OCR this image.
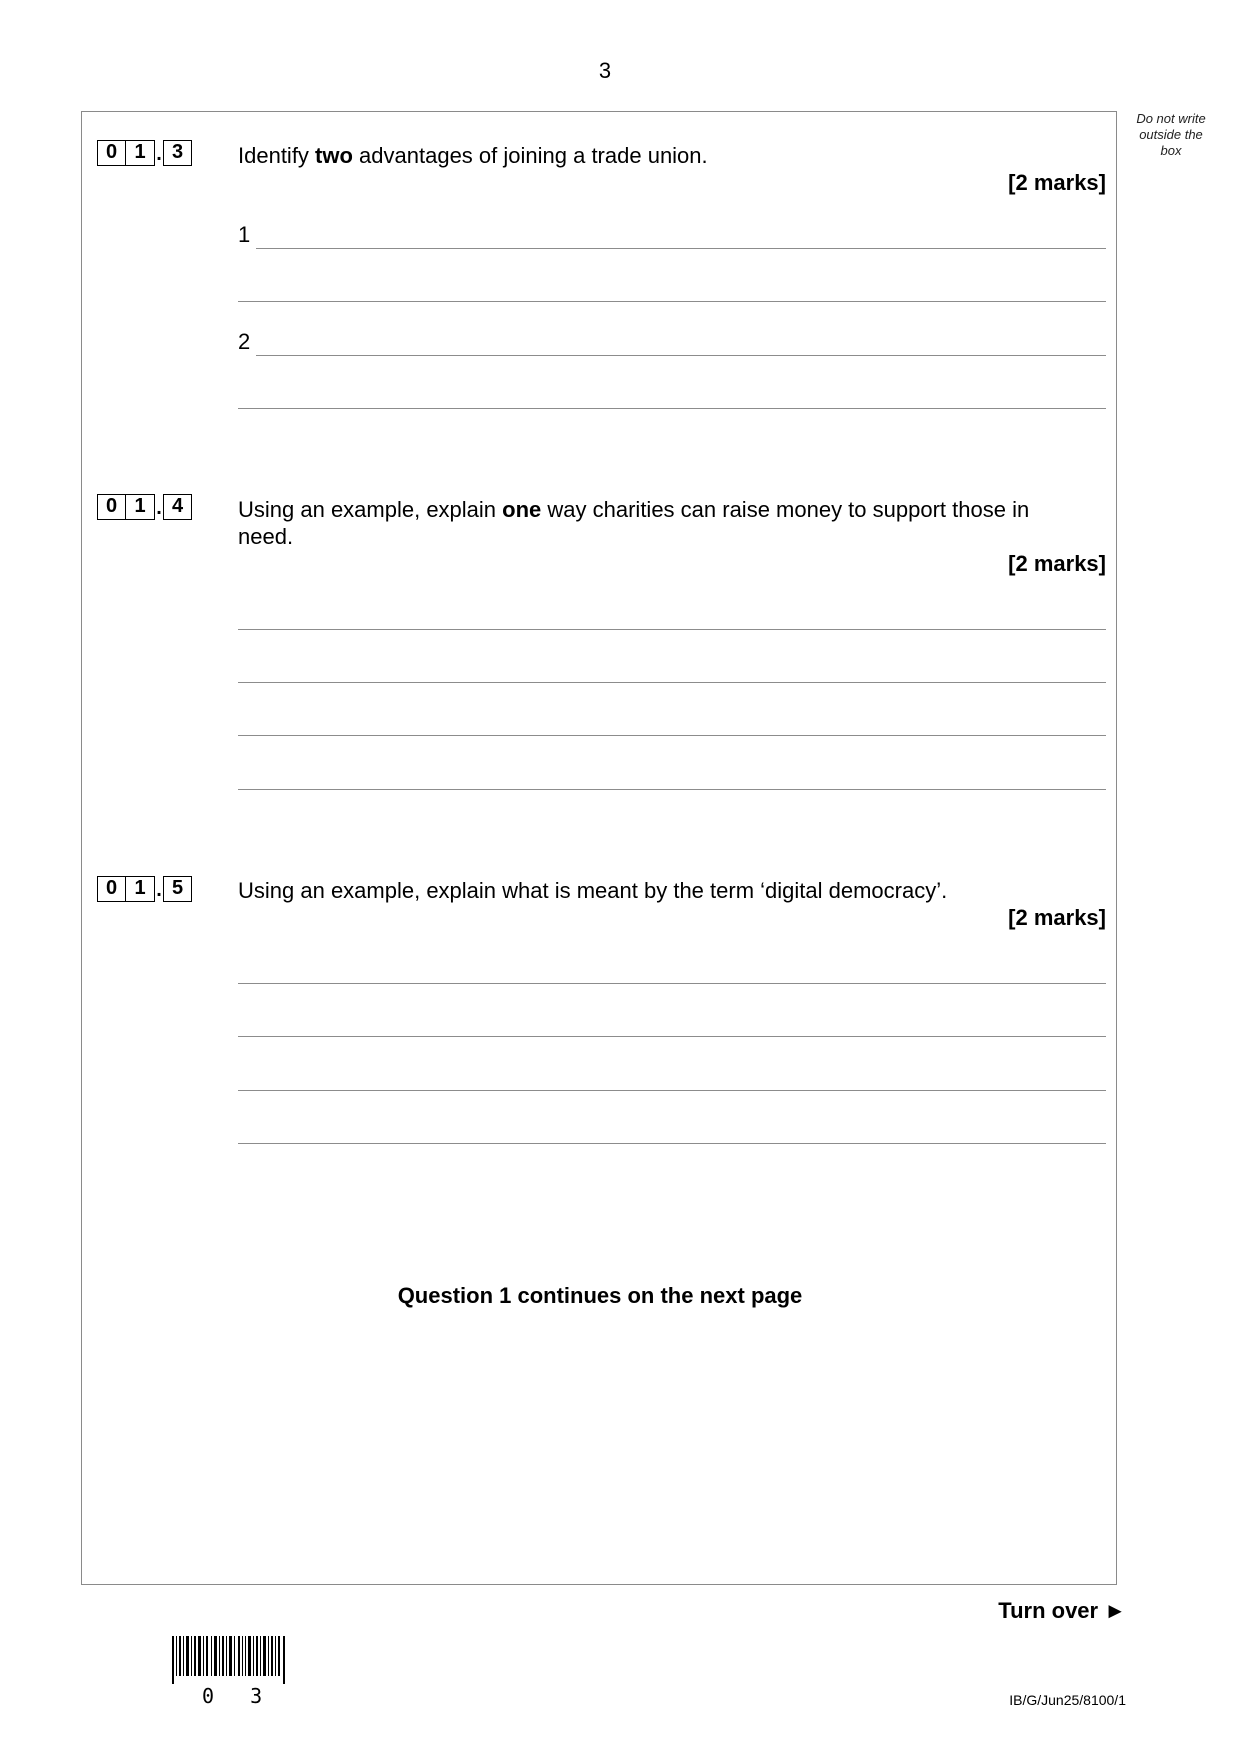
3
Do not write outside the box
0 1 . 3	Identify two advantages of joining a trade union.
[2 marks]
1
2
0 1 . 4	Using an example, explain one way charities can raise money to support those in need.
[2 marks]
0 1 . 5	Using an example, explain what is meant by the term ‘digital democracy’.
[2 marks]
Question 1 continues on the next page
Turn over ►
0 3	IB/G/Jun25/8100/1
